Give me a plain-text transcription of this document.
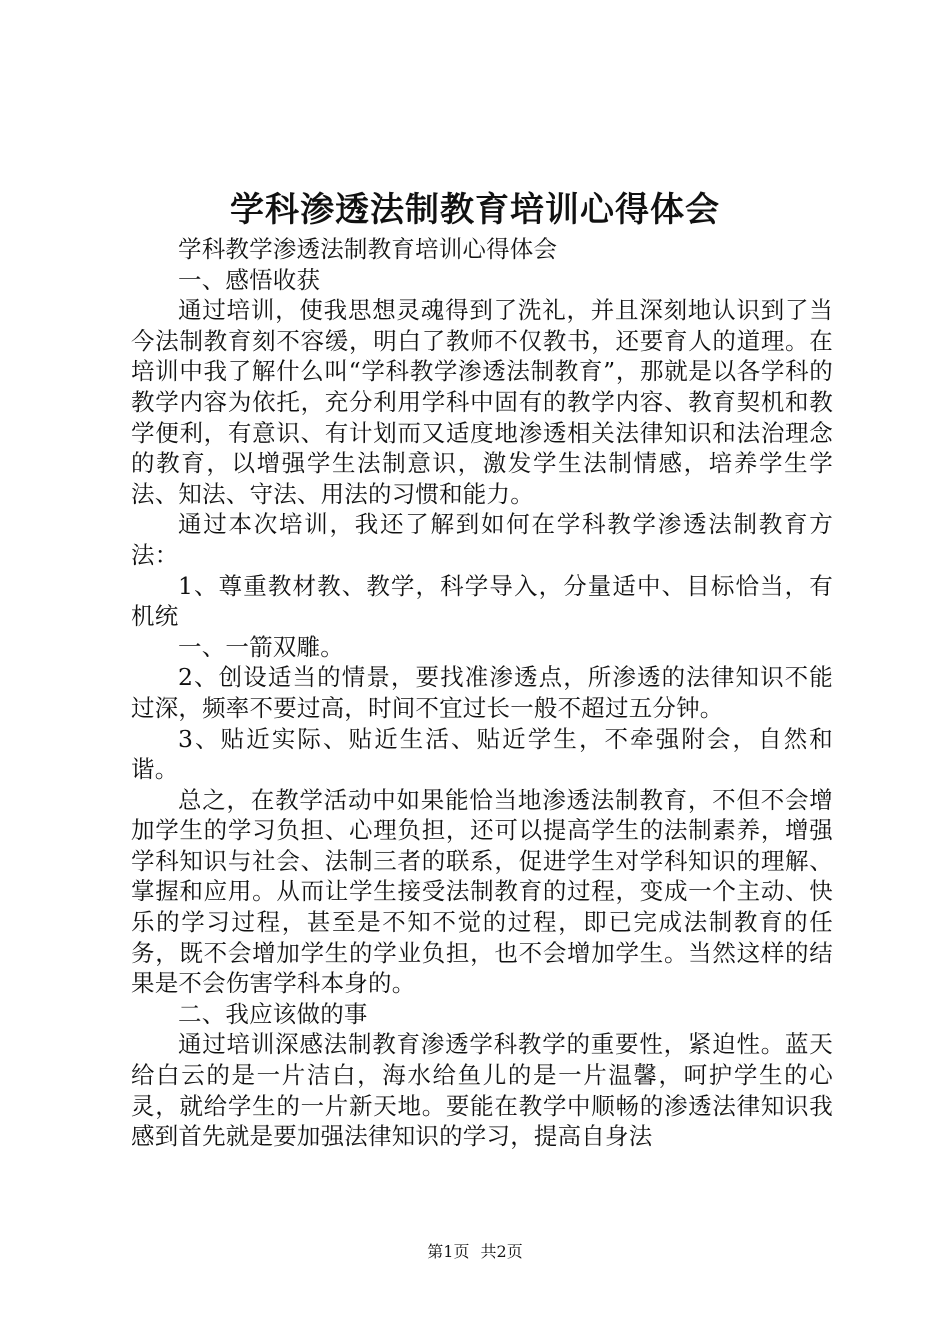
学科渗透法制教育培训心得体会

学科教学渗透法制教育培训心得体会

一、感悟收获

通过培训，使我思想灵魂得到了洗礼，并且深刻地认识到了当今法制教育刻不容缓，明白了教师不仅教书，还要育人的道理。在培训中我了解什么叫“学科教学渗透法制教育”，那就是以各学科的教学内容为依托，充分利用学科中固有的教学内容、教育契机和教学便利，有意识、有计划而又适度地渗透相关法律知识和法治理念的教育，以增强学生法制意识，激发学生法制情感，培养学生学法、知法、守法、用法的习惯和能力。

通过本次培训，我还了解到如何在学科教学渗透法制教育方法：

1、尊重教材教、教学，科学导入，分量适中、目标恰当，有机统

一、一箭双雕。

2、创设适当的情景，要找准渗透点，所渗透的法律知识不能过深，频率不要过高，时间不宜过长一般不超过五分钟。

3、贴近实际、贴近生活、贴近学生，不牵强附会，自然和谐。

总之，在教学活动中如果能恰当地渗透法制教育，不但不会增加学生的学习负担、心理负担，还可以提高学生的法制素养，增强学科知识与社会、法制三者的联系，促进学生对学科知识的理解、掌握和应用。从而让学生接受法制教育的过程，变成一个主动、快乐的学习过程，甚至是不知不觉的过程，即已完成法制教育的任务，既不会增加学生的学业负担，也不会增加学生。当然这样的结果是不会伤害学科本身的。

二、我应该做的事

通过培训深感法制教育渗透学科教学的重要性，紧迫性。蓝天给白云的是一片洁白，海水给鱼儿的是一片温馨，呵护学生的心灵，就给学生的一片新天地。要能在教学中顺畅的渗透法律知识我感到首先就是要加强法律知识的学习，提高自身法

第1页 共2页
